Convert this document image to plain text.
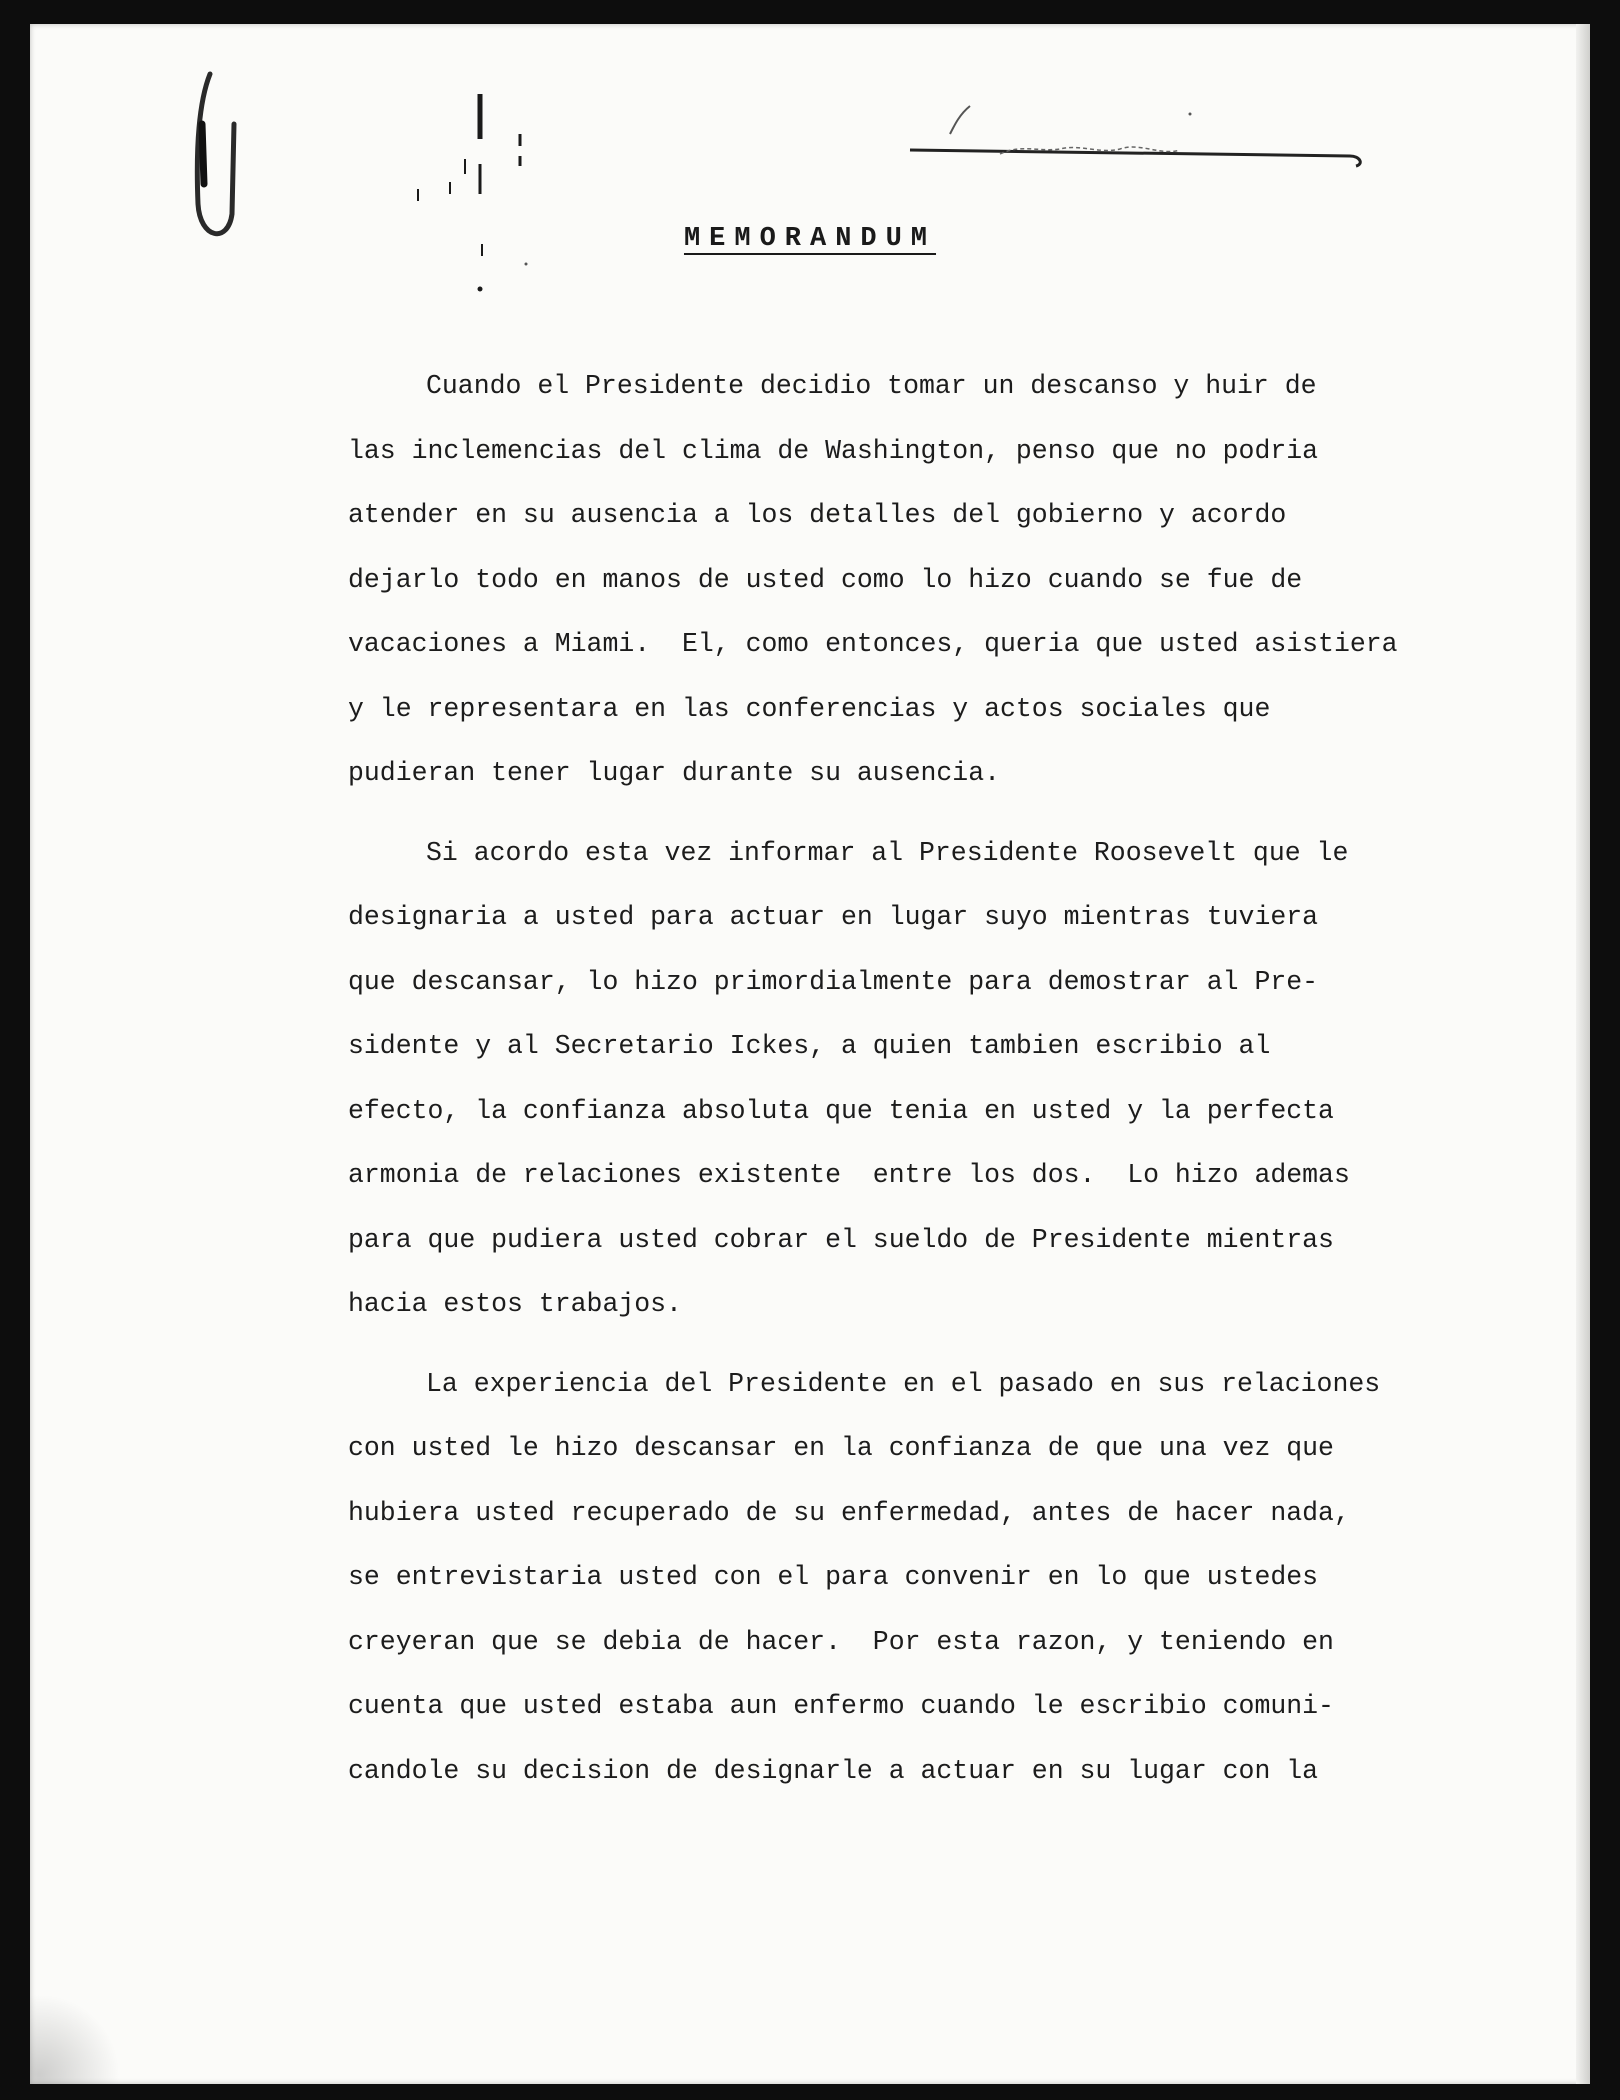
MEMORANDUM
Cuando el Presidente decidio tomar un descanso y huir de
las inclemencias del clima de Washington, penso que no podria
atender en su ausencia a los detalles del gobierno y acordo
dejarlo todo en manos de usted como lo hizo cuando se fue de
vacaciones a Miami.  El, como entonces, queria que usted asistiera
y le representara en las conferencias y actos sociales que
pudieran tener lugar durante su ausencia.
Si acordo esta vez informar al Presidente Roosevelt que le
designaria a usted para actuar en lugar suyo mientras tuviera
que descansar, lo hizo primordialmente para demostrar al Pre-
sidente y al Secretario Ickes, a quien tambien escribio al
efecto, la confianza absoluta que tenia en usted y la perfecta
armonia de relaciones existente  entre los dos.  Lo hizo ademas
para que pudiera usted cobrar el sueldo de Presidente mientras
hacia estos trabajos.
La experiencia del Presidente en el pasado en sus relaciones
con usted le hizo descansar en la confianza de que una vez que
hubiera usted recuperado de su enfermedad, antes de hacer nada,
se entrevistaria usted con el para convenir en lo que ustedes
creyeran que se debia de hacer.  Por esta razon, y teniendo en
cuenta que usted estaba aun enfermo cuando le escribio comuni-
candole su decision de designarle a actuar en su lugar con la
